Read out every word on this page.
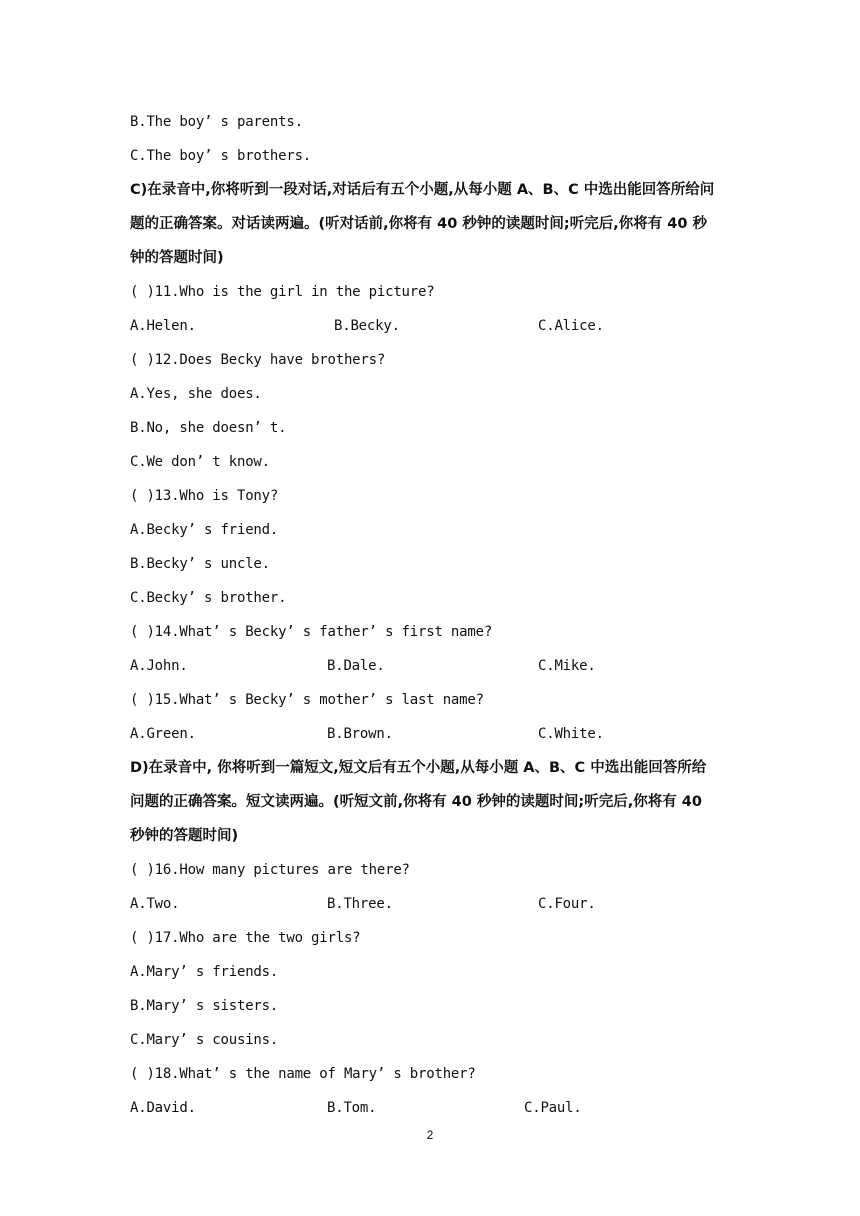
B.The boy’ s parents.
C.The boy’ s brothers.
C)在录音中,你将听到一段对话,对话后有五个小题,从每小题 A、B、C 中选出能回答所给问
题的正确答案。对话读两遍。(听对话前,你将有 40 秒钟的读题时间;听完后,你将有 40 秒
钟的答题时间)
( )11.Who is the girl in the picture?
A.Helen.	B.Becky.	C.Alice.
( )12.Does Becky have brothers?
A.Yes, she does.
B.No, she doesn’ t.
C.We don’ t know.
( )13.Who is Tony?
A.Becky’ s friend.
B.Becky’ s uncle.
C.Becky’ s brother.
( )14.What’ s Becky’ s father’ s first name?
A.John.	B.Dale.	C.Mike.
( )15.What’ s Becky’ s mother’ s last name?
A.Green.	B.Brown.	C.White.
D)在录音中, 你将听到一篇短文,短文后有五个小题,从每小题 A、B、C 中选出能回答所给
问题的正确答案。短文读两遍。(听短文前,你将有 40 秒钟的读题时间;听完后,你将有 40
秒钟的答题时间)
( )16.How many pictures are there?
A.Two.	B.Three.	C.Four.
( )17.Who are the two girls?
A.Mary’ s friends.
B.Mary’ s sisters.
C.Mary’ s cousins.
( )18.What’ s the name of Mary’ s brother?
A.David.	B.Tom.	C.Paul.
2
